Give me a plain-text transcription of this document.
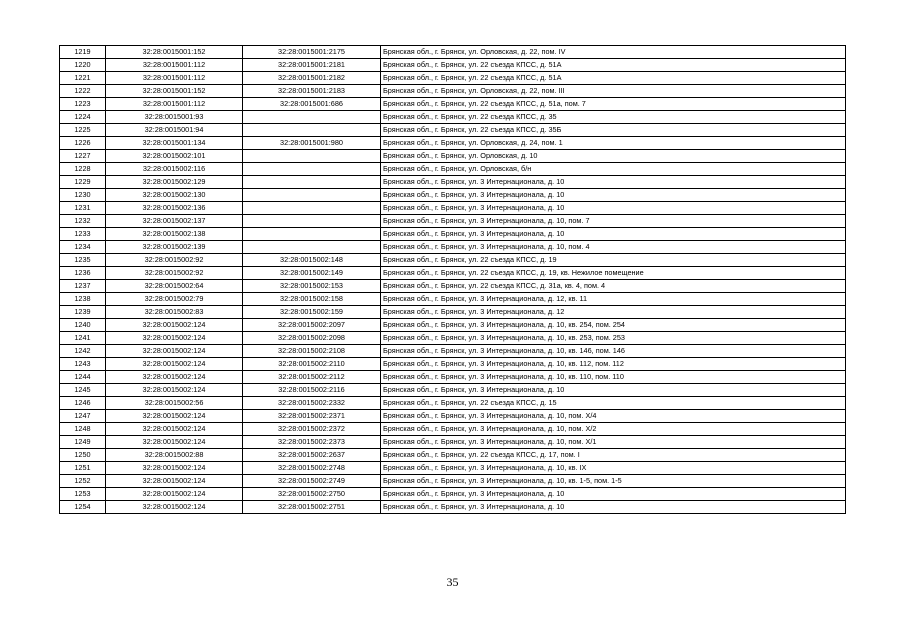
1219	32:28:0015001:152	32:28:0015001:2175	Брянская обл., г. Брянск, ул. Орловская, д. 22, пом. IV
1220	32:28:0015001:112	32:28:0015001:2181	Брянская обл., г. Брянск, ул. 22 съезда КПСС, д. 51А
1221	32:28:0015001:112	32:28:0015001:2182	Брянская обл., г. Брянск, ул. 22 съезда КПСС, д. 51А
1222	32:28:0015001:152	32:28:0015001:2183	Брянская обл., г. Брянск, ул. Орловская, д. 22, пом. III
1223	32:28:0015001:112	32:28:0015001:686	Брянская обл., г. Брянск, ул. 22 съезда КПСС, д. 51а, пом. 7
1224	32:28:0015001:93		Брянская обл., г. Брянск, ул. 22 съезда КПСС, д. 35
1225	32:28:0015001:94		Брянская обл., г. Брянск, ул. 22 съезда КПСС, д. 35Б
1226	32:28:0015001:134	32:28:0015001:980	Брянская обл., г. Брянск, ул. Орловская, д. 24, пом. 1
1227	32:28:0015002:101		Брянская обл., г. Брянск, ул. Орловская, д. 10
1228	32:28:0015002:116		Брянская обл., г. Брянск, ул. Орловская, б/н
1229	32:28:0015002:129		Брянская обл., г. Брянск, ул. 3 Интернационала, д. 10
1230	32:28:0015002:130		Брянская обл., г. Брянск, ул. 3 Интернационала, д. 10
1231	32:28:0015002:136		Брянская обл., г. Брянск, ул. 3 Интернационала, д. 10
1232	32:28:0015002:137		Брянская обл., г. Брянск, ул. 3 Интернационала, д. 10, пом. 7
1233	32:28:0015002:138		Брянская обл., г. Брянск, ул. 3 Интернационала, д. 10
1234	32:28:0015002:139		Брянская обл., г. Брянск, ул. 3 Интернационала, д. 10, пом. 4
1235	32:28:0015002:92	32:28:0015002:148	Брянская обл., г. Брянск, ул. 22 съезда КПСС, д. 19
1236	32:28:0015002:92	32:28:0015002:149	Брянская обл., г. Брянск, ул. 22 съезда КПСС, д. 19, кв. Нежилое помещение
1237	32:28:0015002:64	32:28:0015002:153	Брянская обл., г. Брянск, ул. 22 съезда КПСС, д. 31а, кв. 4, пом. 4
1238	32:28:0015002:79	32:28:0015002:158	Брянская обл., г. Брянск, ул. 3 Интернационала, д. 12, кв. 11
1239	32:28:0015002:83	32:28:0015002:159	Брянская обл., г. Брянск, ул. 3 Интернационала, д. 12
1240	32:28:0015002:124	32:28:0015002:2097	Брянская обл., г. Брянск, ул. 3 Интернационала, д. 10, кв. 254, пом. 254
1241	32:28:0015002:124	32:28:0015002:2098	Брянская обл., г. Брянск, ул. 3 Интернационала, д. 10, кв. 253, пом. 253
1242	32:28:0015002:124	32:28:0015002:2108	Брянская обл., г. Брянск, ул. 3 Интернационала, д. 10, кв. 146, пом. 146
1243	32:28:0015002:124	32:28:0015002:2110	Брянская обл., г. Брянск, ул. 3 Интернационала, д. 10, кв. 112, пом. 112
1244	32:28:0015002:124	32:28:0015002:2112	Брянская обл., г. Брянск, ул. 3 Интернационала, д. 10, кв. 110, пом. 110
1245	32:28:0015002:124	32:28:0015002:2116	Брянская обл., г. Брянск, ул. 3 Интернационала, д. 10
1246	32:28:0015002:56	32:28:0015002:2332	Брянская обл., г. Брянск, ул. 22 съезда КПСС, д. 15
1247	32:28:0015002:124	32:28:0015002:2371	Брянская обл., г. Брянск, ул. 3 Интернационала, д. 10, пом. X/4
1248	32:28:0015002:124	32:28:0015002:2372	Брянская обл., г. Брянск, ул. 3 Интернационала, д. 10, пом. X/2
1249	32:28:0015002:124	32:28:0015002:2373	Брянская обл., г. Брянск, ул. 3 Интернационала, д. 10, пом. X/1
1250	32:28:0015002:88	32:28:0015002:2637	Брянская обл., г. Брянск, ул. 22 съезда КПСС, д. 17, пом. I
1251	32:28:0015002:124	32:28:0015002:2748	Брянская обл., г. Брянск, ул. 3 Интернационала, д. 10, кв. IX
1252	32:28:0015002:124	32:28:0015002:2749	Брянская обл., г. Брянск, ул. 3 Интернационала, д. 10, кв. 1-5, пом. 1-5
1253	32:28:0015002:124	32:28:0015002:2750	Брянская обл., г. Брянск, ул. 3 Интернационала, д. 10
1254	32:28:0015002:124	32:28:0015002:2751	Брянская обл., г. Брянск, ул. 3 Интернационала, д. 10
35
